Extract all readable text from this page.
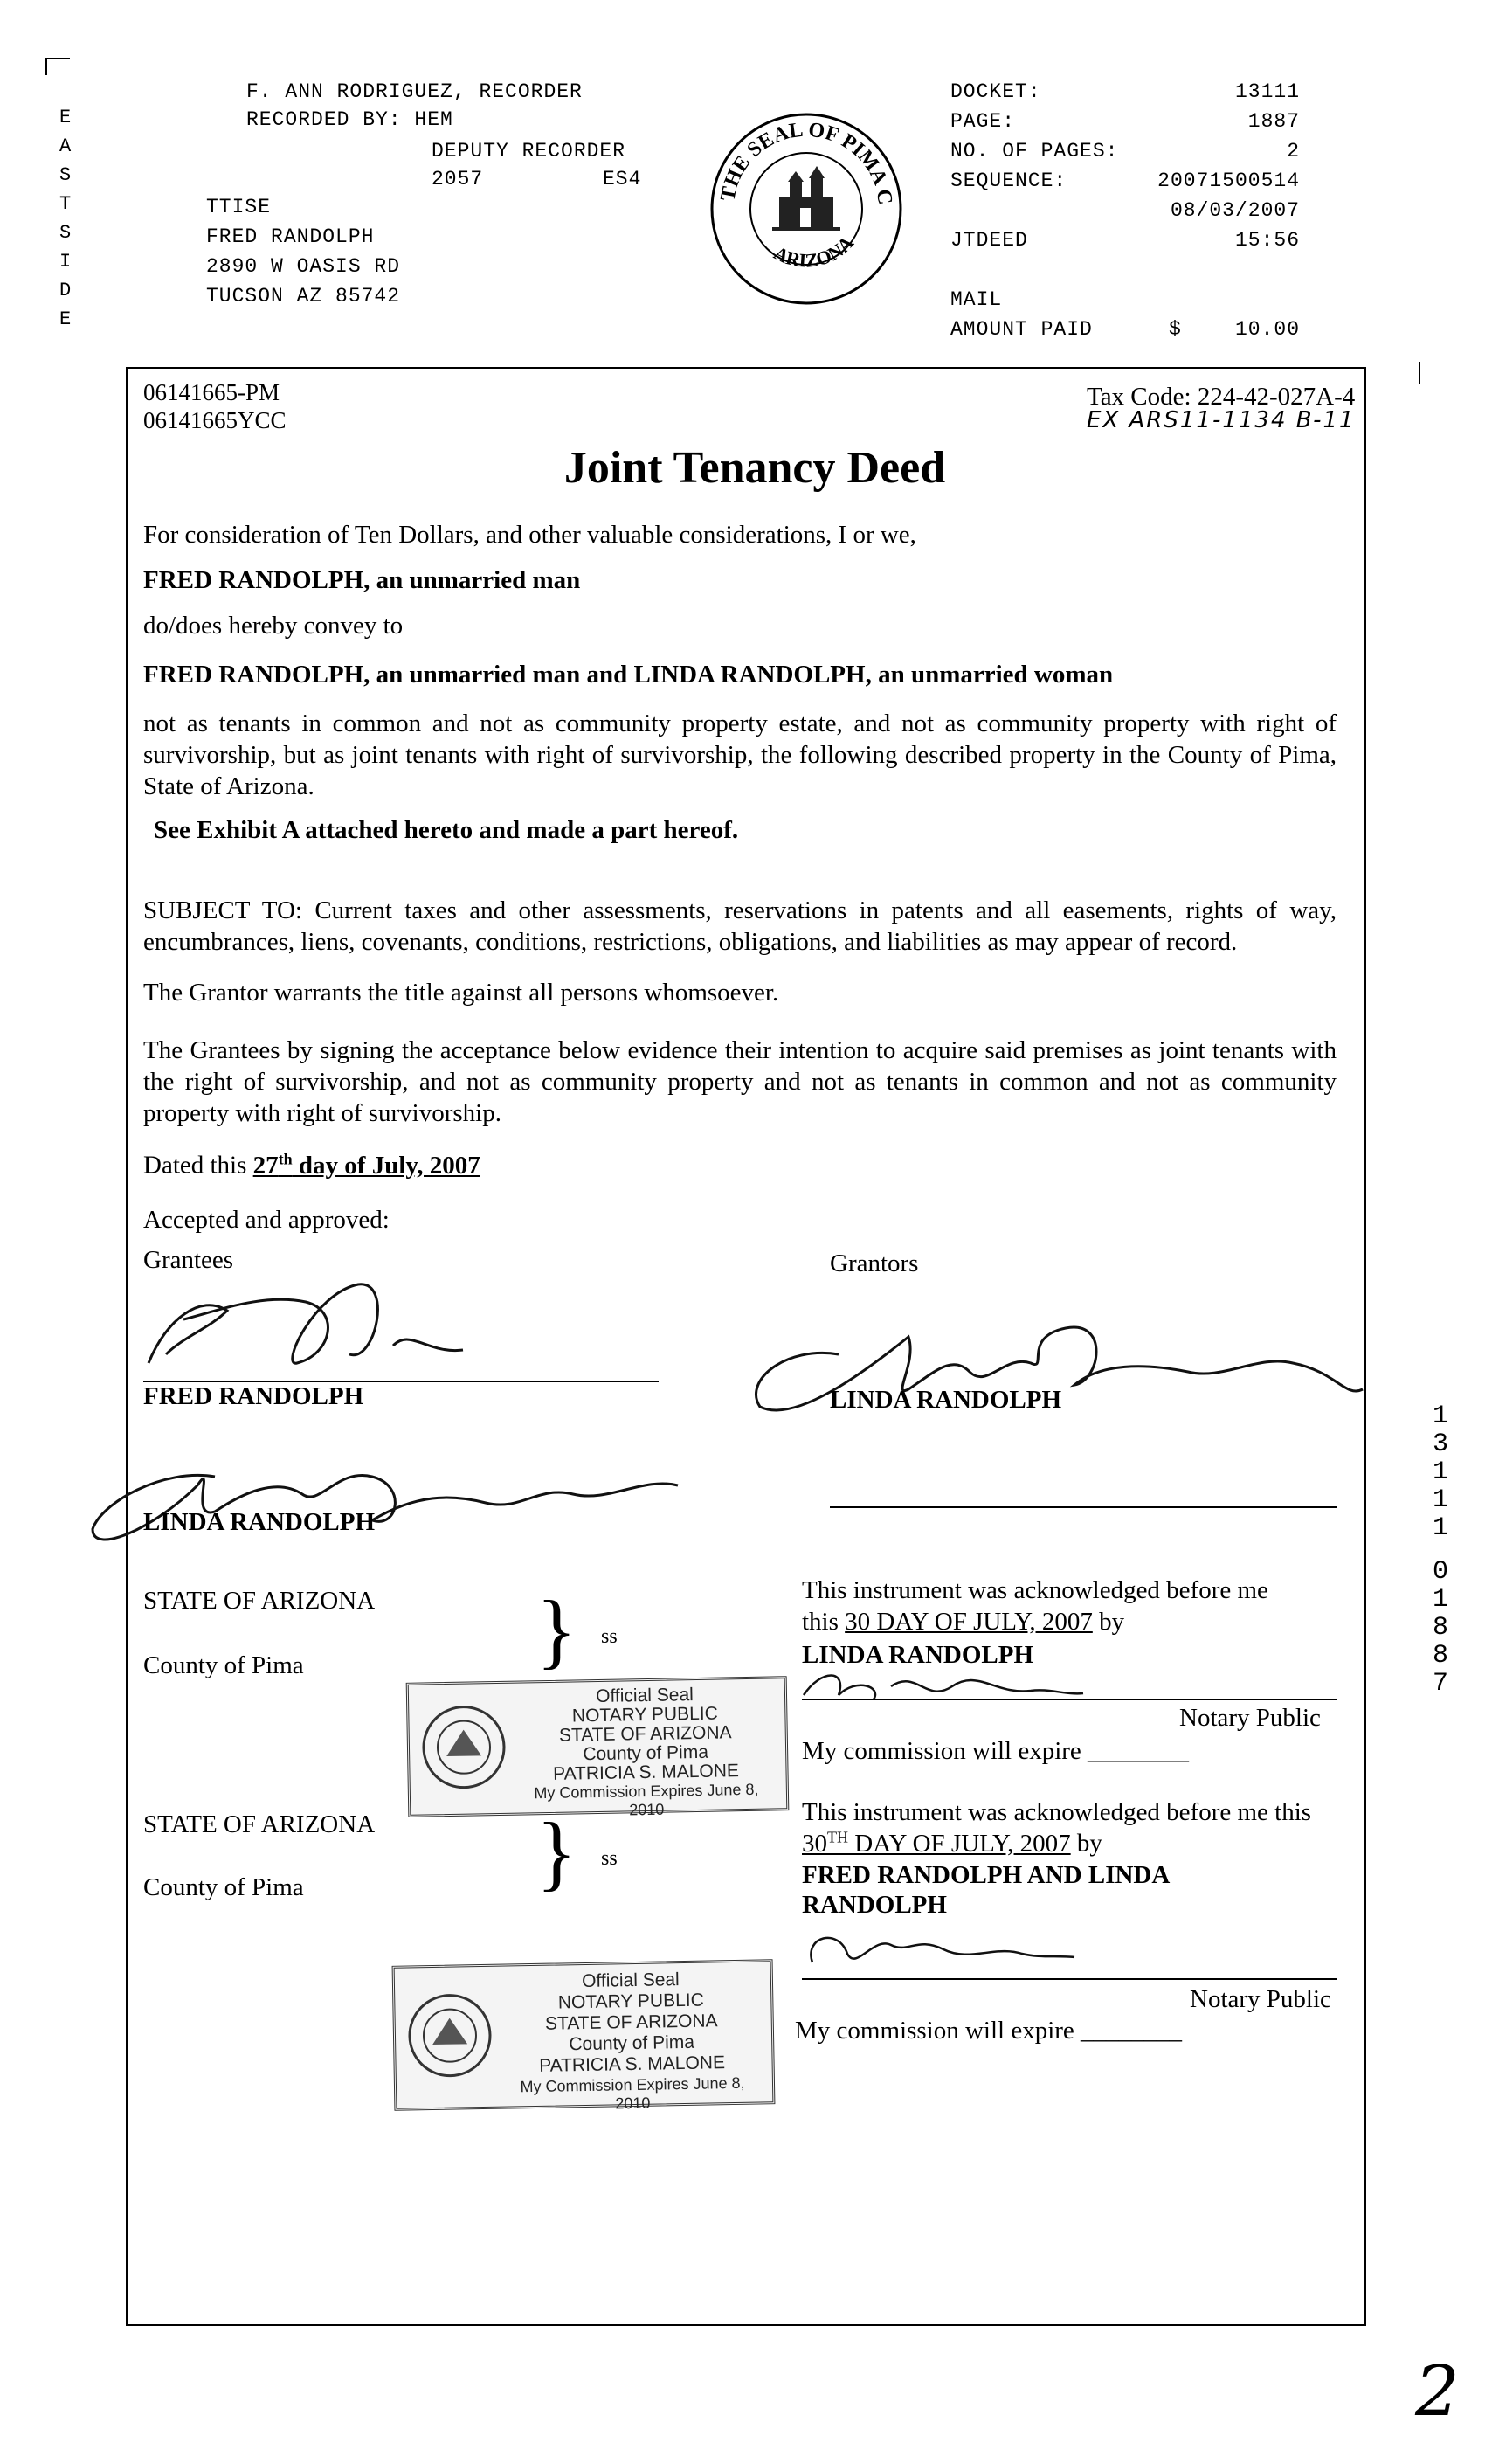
E
A
S
T
S
I
D
E
F. ANN RODRIGUEZ, RECORDER
RECORDED BY: HEM
DEPUTY RECORDER
2057	ES4
TTISE
FRED RANDOLPH
2890 W OASIS RD
TUCSON AZ 85742
THE SEAL OF PIMA C
ARIZONA
DOCKET:	13111
PAGE:	1887
NO. OF PAGES:	2
SEQUENCE:	20071500514
08/03/2007
JTDEED	15:56
MAIL
AMOUNT PAID	$	10.00
06141665-PM
06141665YCC
Tax Code: 224-42-027A-4
EX ARS11-1134 B-11
Joint Tenancy Deed
For consideration of Ten Dollars, and other valuable considerations, I or we,
FRED RANDOLPH, an unmarried man
do/does hereby convey to
FRED RANDOLPH, an unmarried man and LINDA RANDOLPH, an unmarried woman
not as tenants in common and not as community property estate, and not as community property with right of survivorship, but as joint tenants with right of survivorship, the following described property in the County of Pima, State of Arizona.
See Exhibit A attached hereto and made a part hereof.
SUBJECT TO: Current taxes and other assessments, reservations in patents and all easements, rights of way, encumbrances, liens, covenants, conditions, restrictions, obligations, and liabilities as may appear of record.
The Grantor warrants the title against all persons whomsoever.
The Grantees by signing the acceptance below evidence their intention to acquire said premises as joint tenants with the right of survivorship, and not as community property and not as tenants in common and not as community property with right of survivorship.
Dated this 27th day of July, 2007
Accepted and approved:
Grantees	Grantors
FRED RANDOLPH	LINDA RANDOLPH
LINDA RANDOLPH
STATE OF ARIZONA
County of Pima	} ss
This instrument was acknowledged before me
this 30 DAY OF JULY, 2007 by
LINDA RANDOLPH
Notary Public
My commission will expire ________
Official Seal
NOTARY PUBLIC
STATE OF ARIZONA
County of Pima
PATRICIA S. MALONE
My Commission Expires June 8, 2010
STATE OF ARIZONA
County of Pima	} ss
This instrument was acknowledged before me this
30TH DAY OF JULY, 2007 by
FRED RANDOLPH AND LINDA
RANDOLPH
Notary Public
My commission will expire ________
Official Seal
NOTARY PUBLIC
STATE OF ARIZONA
County of Pima
PATRICIA S. MALONE
My Commission Expires June 8, 2010
1
3
1
1
1
0
1
8
8
7
2
